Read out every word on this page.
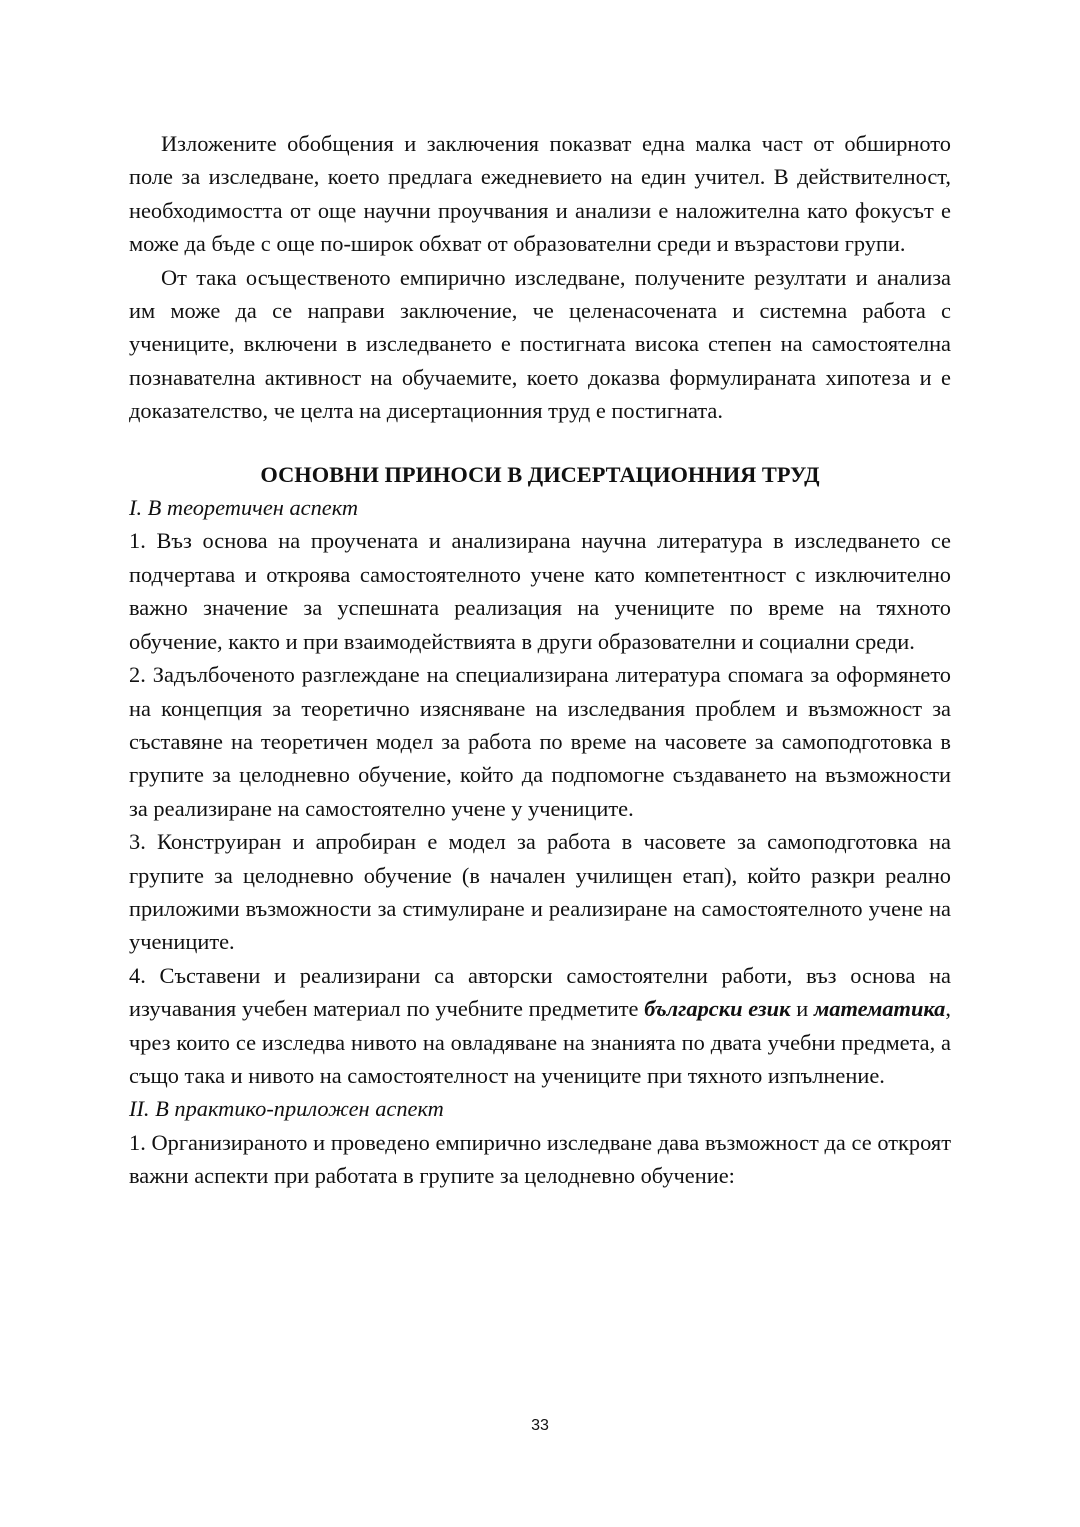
Изложените обобщения и заключения показват една малка част от обширното поле за изследване, което предлага ежедневието на един учител. В действителност, необходимостта от още научни проучвания и анализи е наложителна като фокусът е може да бъде с още по-широк обхват от образователни среди и възрастови групи.

От така осъщественото емпирично изследване, получените резултати и анализа им може да се направи заключение, че целенасочената и системна работа с учениците, включени в изследването е постигната висока степен на самостоятелна познавателна активност на обучаемите, което доказва формулираната хипотеза и е доказателство, че целта на дисертационния труд е постигната.

ОСНОВНИ ПРИНОСИ В ДИСЕРТАЦИОННИЯ ТРУД

I. В теоретичен аспект

1. Въз основа на проучената и анализирана научна литература в изследването се подчертава и откроява самостоятелното учене като компетентност с изключително важно значение за успешната реализация на учениците по време на тяхното обучение, както и при взаимодействията в други образователни и социални среди.

2. Задълбоченото разглеждане на специализирана литература спомага за оформянето на концепция за теоретично изясняване на изследвания проблем и възможност за съставяне на теоретичен модел за работа по време на часовете за самоподготовка в групите за целодневно обучение, който да подпомогне създаването на възможности за реализиране на самостоятелно учене у учениците.

3. Конструиран и апробиран е модел за работа в часовете за самоподготовка на групите за целодневно обучение (в начален училищен етап), който разкри реално приложими възможности за стимулиране и реализиране на самостоятелното учене на учениците.

4. Съставени и реализирани са авторски самостоятелни работи, въз основа на изучавания учебен материал по учебните предметите български език и математика, чрез които се изследва нивото на овладяване на знанията по двата учебни предмета, а също така и нивото на самостоятелност на учениците при тяхното изпълнение.

II. В практико-приложен аспект

1. Организираното и проведено емпирично изследване дава възможност да се откроят важни аспекти при работата в групите за целодневно обучение:

33
